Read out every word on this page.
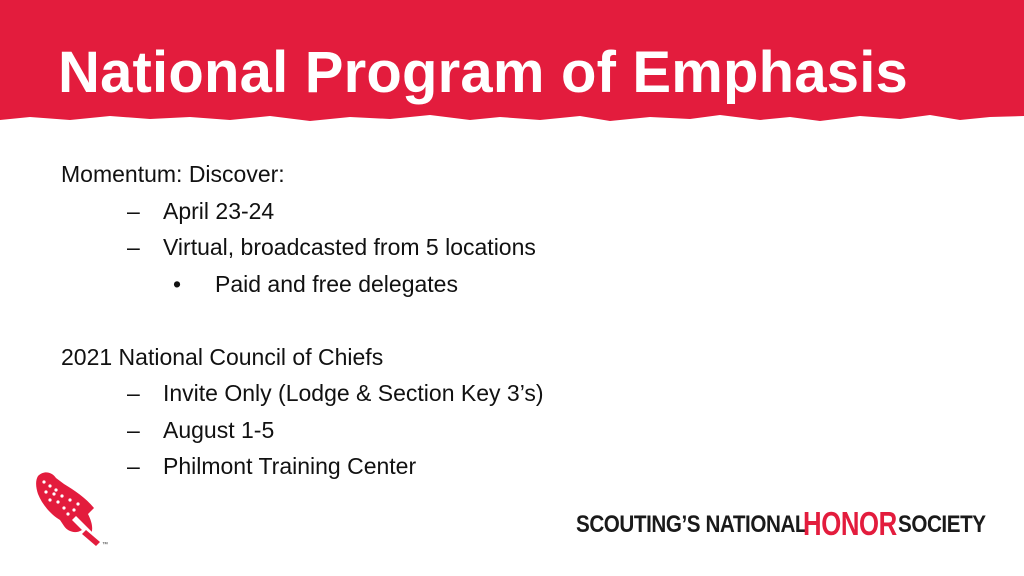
National Program of Emphasis
Momentum: Discover:
– April 23-24
– Virtual, broadcasted from 5 locations
• Paid and free delegates
2021 National Council of Chiefs
– Invite Only (Lodge & Section Key 3’s)
– August 1-5
– Philmont Training Center
™
SCOUTING’S NATIONAL
HONOR SOCIETY
